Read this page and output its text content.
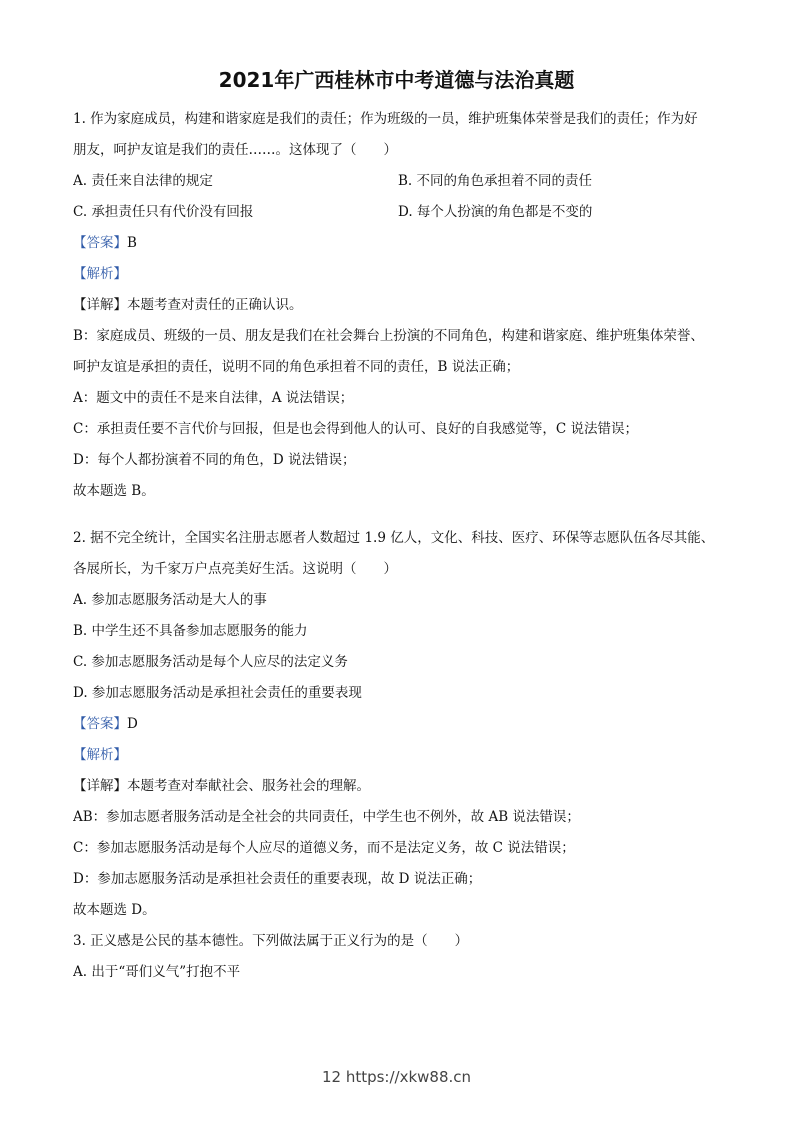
2021年广西桂林市中考道德与法治真题
1. 作为家庭成员，构建和谐家庭是我们的责任；作为班级的一员，维护班集体荣誉是我们的责任；作为好
朋友，呵护友谊是我们的责任……。这体现了（　　）
A. 责任来自法律的规定	B. 不同的角色承担着不同的责任
C. 承担责任只有代价没有回报	D. 每个人扮演的角色都是不变的
【答案】B
【解析】
【详解】本题考查对责任的正确认识。
B：家庭成员、班级的一员、朋友是我们在社会舞台上扮演的不同角色，构建和谐家庭、维护班集体荣誉、
呵护友谊是承担的责任，说明不同的角色承担着不同的责任，B 说法正确；
A：题文中的责任不是来自法律，A 说法错误；
C：承担责任要不言代价与回报，但是也会得到他人的认可、良好的自我感觉等，C 说法错误；
D：每个人都扮演着不同的角色，D 说法错误；
故本题选 B。
2. 据不完全统计，全国实名注册志愿者人数超过 1.9 亿人，文化、科技、医疗、环保等志愿队伍各尽其能、
各展所长，为千家万户点亮美好生活。这说明（　　）
A. 参加志愿服务活动是大人的事
B. 中学生还不具备参加志愿服务的能力
C. 参加志愿服务活动是每个人应尽的法定义务
D. 参加志愿服务活动是承担社会责任的重要表现
【答案】D
【解析】
【详解】本题考查对奉献社会、服务社会的理解。
AB：参加志愿者服务活动是全社会的共同责任，中学生也不例外，故 AB 说法错误；
C：参加志愿服务活动是每个人应尽的道德义务，而不是法定义务，故 C 说法错误；
D：参加志愿服务活动是承担社会责任的重要表现，故 D 说法正确；
故本题选 D。
3. 正义感是公民的基本德性。下列做法属于正义行为的是（　　）
A. 出于“哥们义气”打抱不平
12 https://xkw88.cn
